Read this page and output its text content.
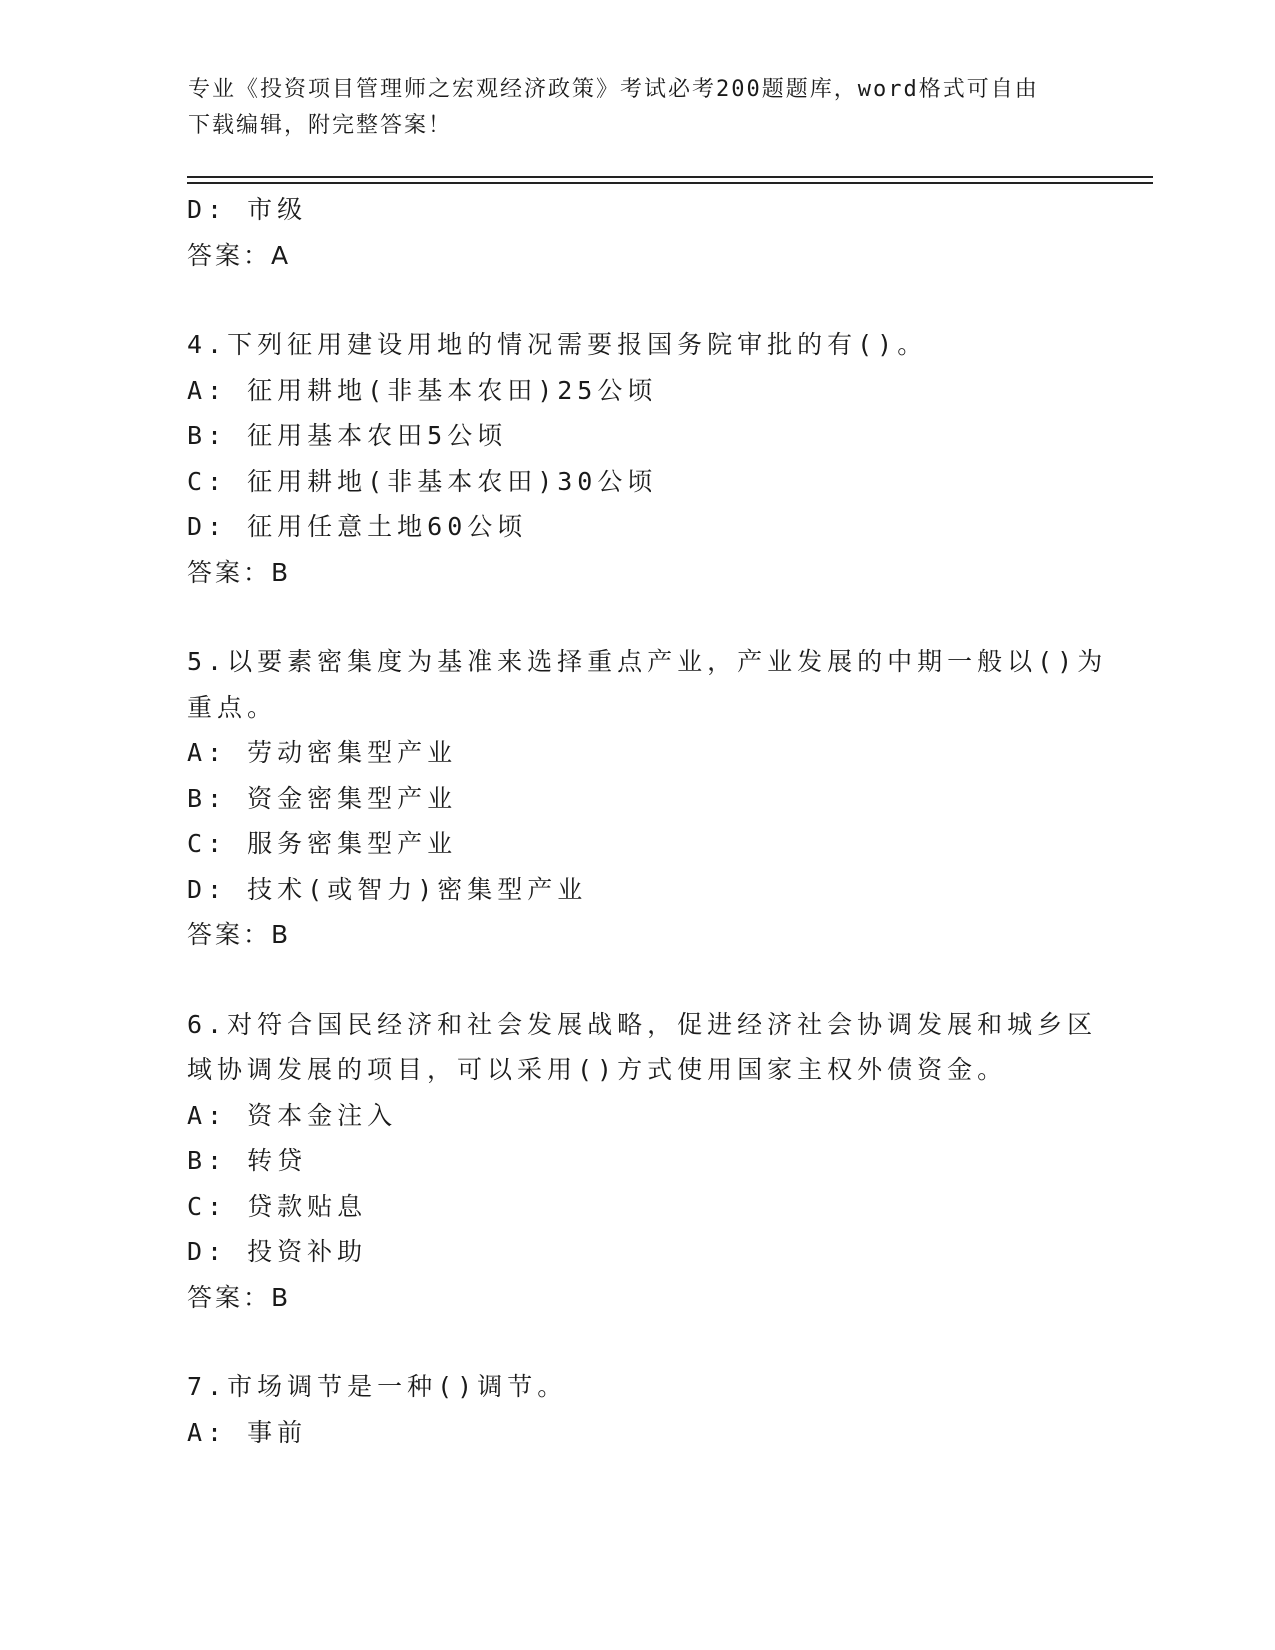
专业《投资项目管理师之宏观经济政策》考试必考200题题库，word格式可自由
下载编辑，附完整答案！
D: 市级
答案：A
4.下列征用建设用地的情况需要报国务院审批的有()。
A: 征用耕地(非基本农田)25公顷
B: 征用基本农田5公顷
C: 征用耕地(非基本农田)30公顷
D: 征用任意土地60公顷
答案：B
5.以要素密集度为基准来选择重点产业，产业发展的中期一般以()为
重点。
A: 劳动密集型产业
B: 资金密集型产业
C: 服务密集型产业
D: 技术(或智力)密集型产业
答案：B
6.对符合国民经济和社会发展战略，促进经济社会协调发展和城乡区
域协调发展的项目，可以采用()方式使用国家主权外债资金。
A: 资本金注入
B: 转贷
C: 贷款贴息
D: 投资补助
答案：B
7.市场调节是一种()调节。
A: 事前
